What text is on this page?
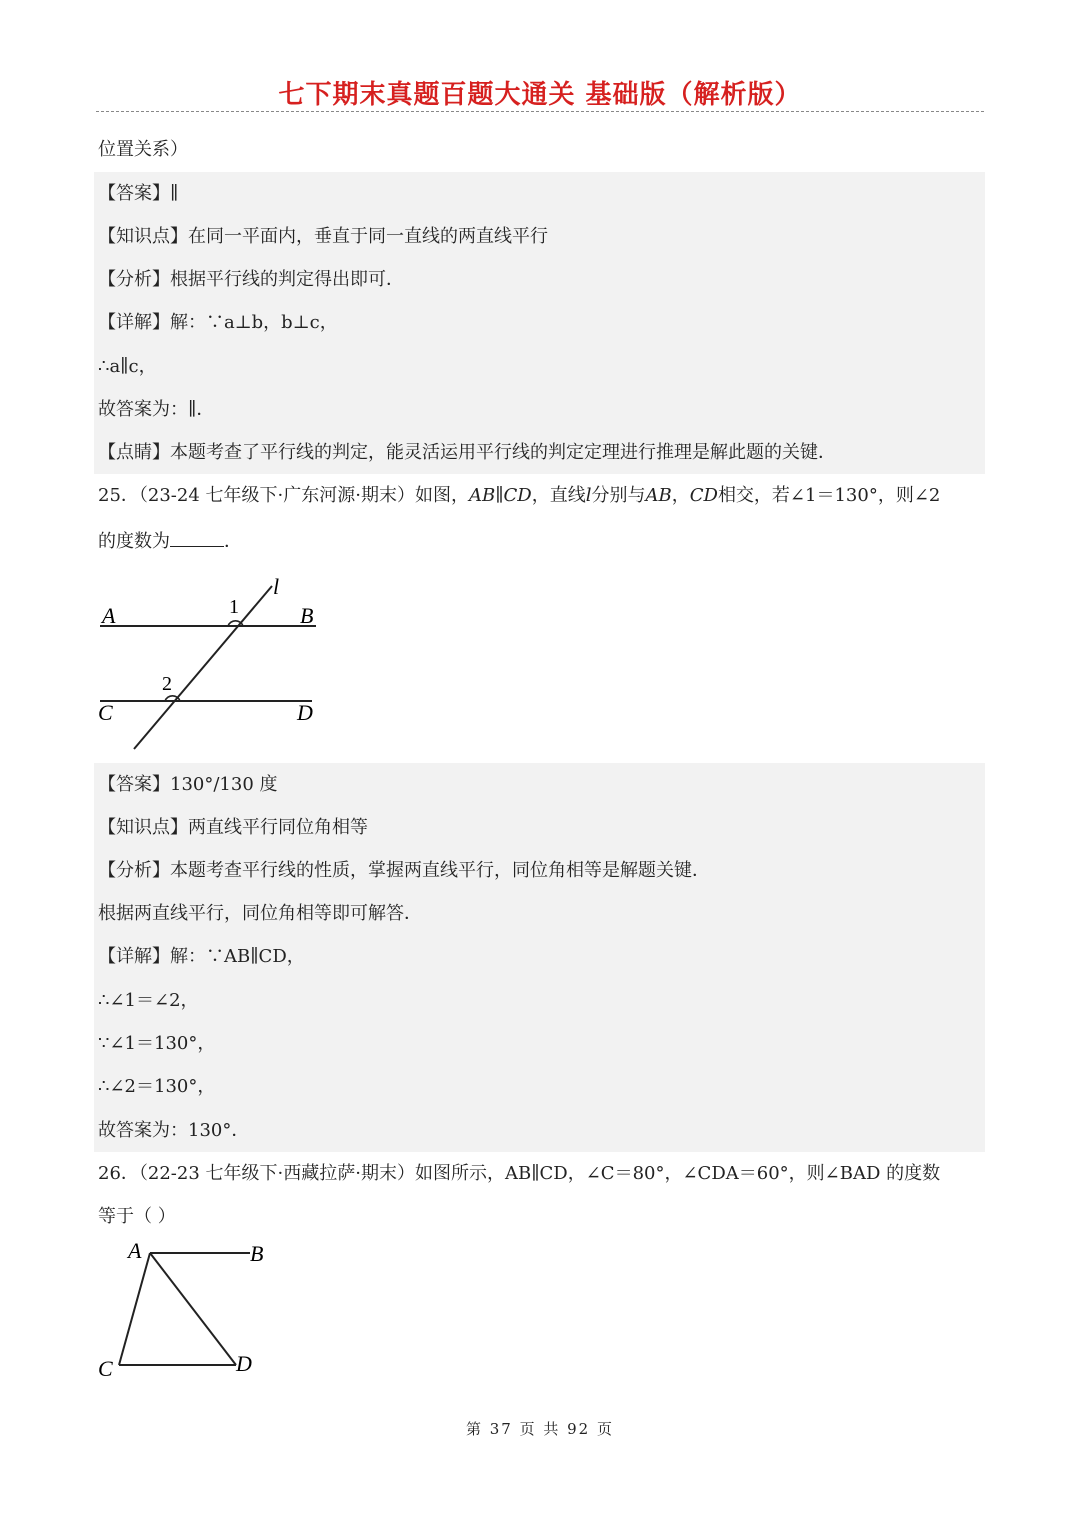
七下期末真题百题大通关 基础版（解析版）
位置关系）
【答案】∥
【知识点】在同一平面内，垂直于同一直线的两直线平行
【分析】根据平行线的判定得出即可．
【详解】解：∵a⊥b，b⊥c，
∴a∥c，
故答案为：∥．
【点睛】本题考查了平行线的判定，能灵活运用平行线的判定定理进行推理是解此题的关键．
25．（23-24 七年级下·广东河源·期末）如图，AB∥CD，直线l分别与AB，CD相交，若∠1＝130°，则∠2
的度数为	．
A	B
C	D
l
1
2
【答案】130°/130 度
【知识点】两直线平行同位角相等
【分析】本题考查平行线的性质，掌握两直线平行，同位角相等是解题关键．
根据两直线平行，同位角相等即可解答．
【详解】解：∵AB∥CD，
∴∠1＝∠2，
∵∠1＝130°，
∴∠2＝130°，
故答案为：130°．
26．（22-23 七年级下·西藏拉萨·期末）如图所示，AB∥CD，∠C＝80°，∠CDA＝60°，则∠BAD 的度数
等于（ ）
A	B
C	D
第 37 页 共 92 页
